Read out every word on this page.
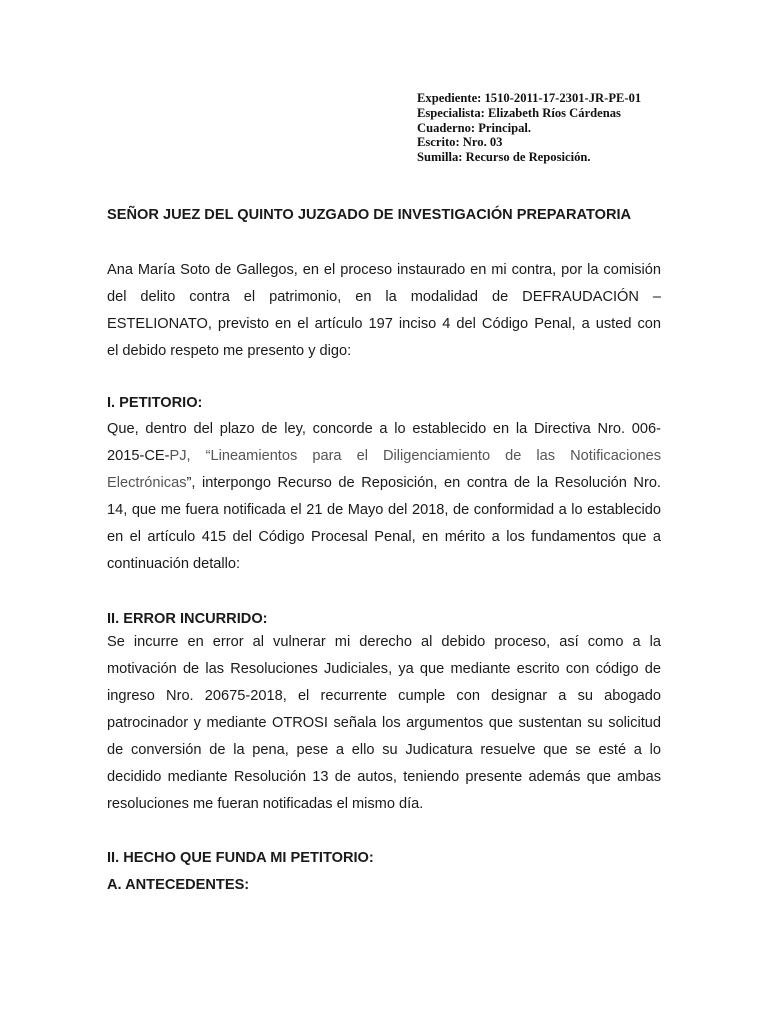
Expediente: 1510-2011-17-2301-JR-PE-01
Especialista: Elizabeth Ríos Cárdenas
Cuaderno: Principal.
Escrito: Nro. 03
Sumilla: Recurso de Reposición.
SEÑOR JUEZ DEL QUINTO JUZGADO DE INVESTIGACIÓN PREPARATORIA
Ana María Soto de Gallegos, en el proceso instaurado en mi contra, por la comisión
del delito contra el patrimonio, en la modalidad de DEFRAUDACIÓN –
ESTELIONATO, previsto en el artículo 197 inciso 4 del Código Penal, a usted con
el debido respeto me presento y digo:
I. PETITORIO:
Que, dentro del plazo de ley, concorde a lo establecido en la Directiva Nro. 006-
2015-CE-PJ, “Lineamientos para el Diligenciamiento de las Notificaciones
Electrónicas”, interpongo Recurso de Reposición, en contra de la Resolución Nro.
14, que me fuera notificada el 21 de Mayo del 2018, de conformidad a lo establecido
en el artículo 415 del Código Procesal Penal, en mérito a los fundamentos que a
continuación detallo:
II. ERROR INCURRIDO:
Se incurre en error al vulnerar mi derecho al debido proceso, así como a la
motivación de las Resoluciones Judiciales, ya que mediante escrito con código de
ingreso Nro. 20675-2018, el recurrente cumple con designar a su abogado
patrocinador y mediante OTROSI señala los argumentos que sustentan su solicitud
de conversión de la pena, pese a ello su Judicatura resuelve que se esté a lo
decidido mediante Resolución 13 de autos, teniendo presente además que ambas
resoluciones me fueran notificadas el mismo día.
II. HECHO QUE FUNDA MI PETITORIO:
A. ANTECEDENTES:
